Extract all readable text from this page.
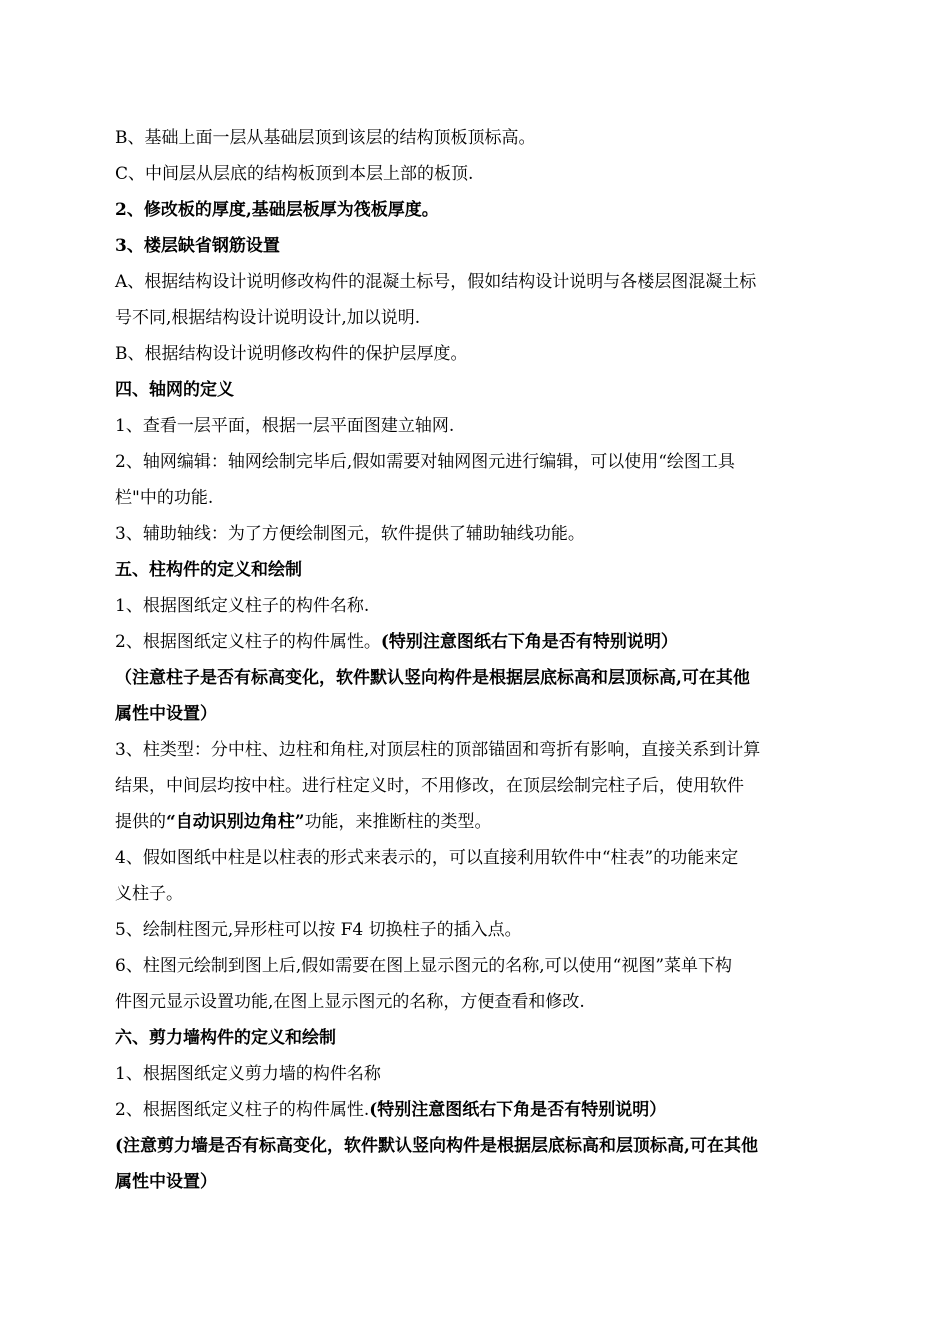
B、基础上面一层从基础层顶到该层的结构顶板顶标高。
C、中间层从层底的结构板顶到本层上部的板顶.
2、修改板的厚度,基础层板厚为筏板厚度。
3、楼层缺省钢筋设置
A、根据结构设计说明修改构件的混凝土标号，假如结构设计说明与各楼层图混凝土标
号不同,根据结构设计说明设计,加以说明.
B、根据结构设计说明修改构件的保护层厚度。
四、轴网的定义
1、查看一层平面，根据一层平面图建立轴网.
2、轴网编辑：轴网绘制完毕后,假如需要对轴网图元进行编辑，可以使用“绘图工具
栏"中的功能.
3、辅助轴线：为了方便绘制图元，软件提供了辅助轴线功能。
五、柱构件的定义和绘制
1、根据图纸定义柱子的构件名称.
2、根据图纸定义柱子的构件属性。(特别注意图纸右下角是否有特别说明）
（注意柱子是否有标高变化，软件默认竖向构件是根据层底标高和层顶标高,可在其他
属性中设置）
3、柱类型：分中柱、边柱和角柱,对顶层柱的顶部锚固和弯折有影响，直接关系到计算
结果，中间层均按中柱。进行柱定义时，不用修改，在顶层绘制完柱子后，使用软件
提供的“自动识别边角柱”功能，来推断柱的类型。
4、假如图纸中柱是以柱表的形式来表示的，可以直接利用软件中“柱表”的功能来定
义柱子。
5、绘制柱图元,异形柱可以按 F4 切换柱子的插入点。
6、柱图元绘制到图上后,假如需要在图上显示图元的名称,可以使用“视图”菜单下构
件图元显示设置功能,在图上显示图元的名称，方便查看和修改.
六、剪力墙构件的定义和绘制
1、根据图纸定义剪力墙的构件名称
2、根据图纸定义柱子的构件属性.(特别注意图纸右下角是否有特别说明）
(注意剪力墙是否有标高变化，软件默认竖向构件是根据层底标高和层顶标高,可在其他
属性中设置）
